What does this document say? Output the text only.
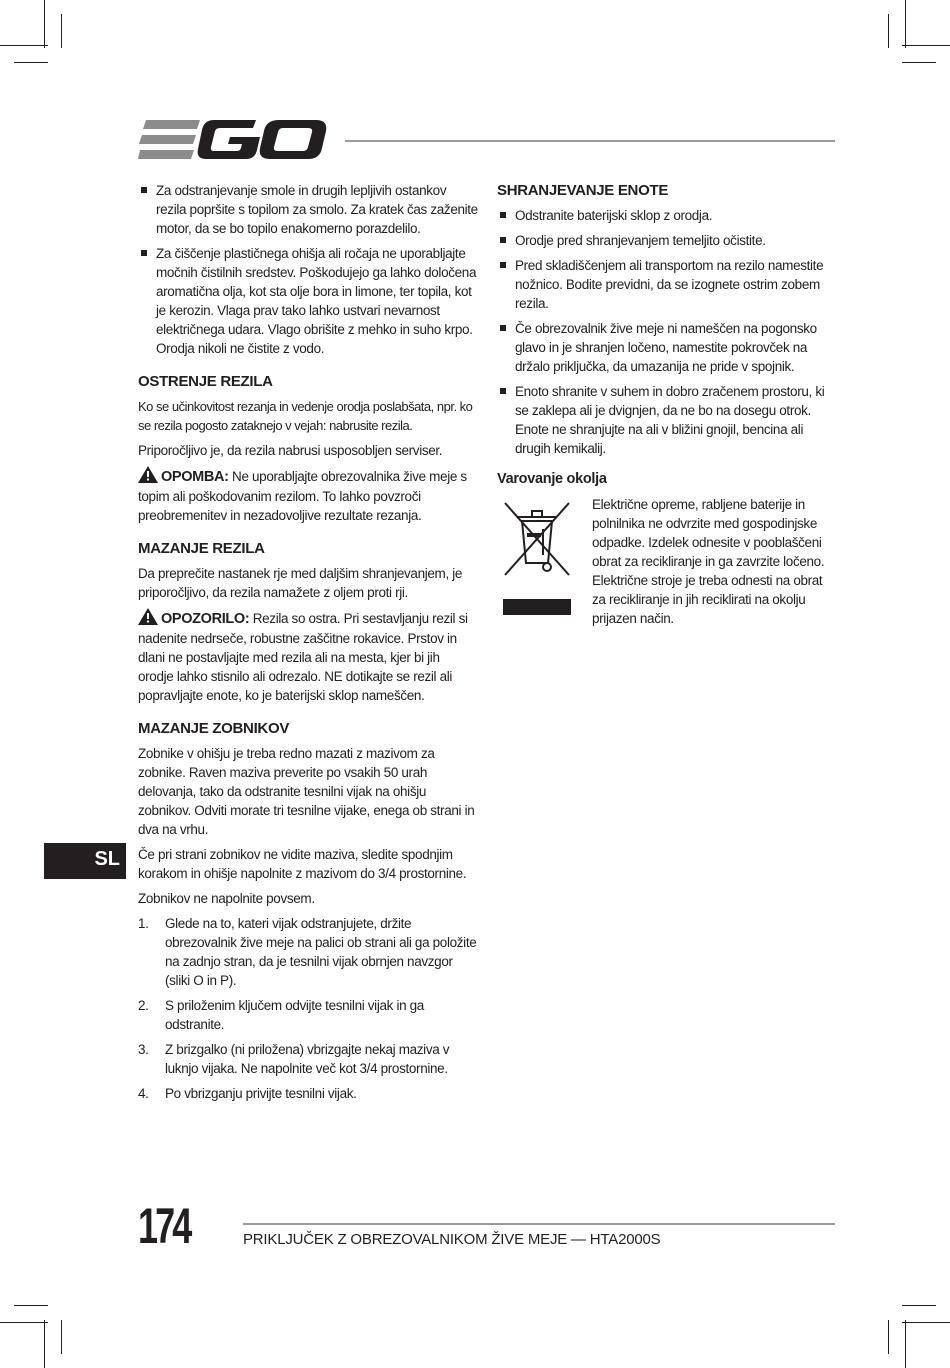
Za odstranjevanje smole in drugih lepljivih ostankov rezila popršite s topilom za smolo. Za kratek čas zaženite motor, da se bo topilo enakomerno porazdelilo.
Za čiščenje plastičnega ohišja ali ročaja ne uporabljajte močnih čistilnih sredstev. Poškodujejo ga lahko določena aromatična olja, kot sta olje bora in limone, ter topila, kot je kerozin. Vlaga prav tako lahko ustvari nevarnost električnega udara. Vlago obrišite z mehko in suho krpo. Orodja nikoli ne čistite z vodo.
OSTRENJE REZILA

Ko se učinkovitost rezanja in vedenje orodja poslabšata, npr. ko se rezila pogosto zataknejo v vejah: nabrusite rezila.

Priporočljivo je, da rezila nabrusi usposobljen serviser.

OPOMBA: Ne uporabljajte obrezovalnika žive meje s topim ali poškodovanim rezilom. To lahko povzroči preobremenitev in nezadovoljive rezultate rezanja.

MAZANJE REZILA

Da preprečite nastanek rje med daljšim shranjevanjem, je priporočljivo, da rezila namažete z oljem proti rji.

OPOZORILO: Rezila so ostra. Pri sestavljanju rezil si nadenite nedrseče, robustne zaščitne rokavice. Prstov in dlani ne postavljajte med rezila ali na mesta, kjer bi jih orodje lahko stisnilo ali odrezalo. NE dotikajte se rezil ali popravljajte enote, ko je baterijski sklop nameščen.

MAZANJE ZOBNIKOV

Zobnike v ohišju je treba redno mazati z mazivom za zobnike. Raven maziva preverite po vsakih 50 urah delovanja, tako da odstranite tesnilni vijak na ohišju zobnikov. Odviti morate tri tesnilne vijake, enega ob strani in dva na vrhu.

Če pri strani zobnikov ne vidite maziva, sledite spodnjim korakom in ohišje napolnite z mazivom do 3/4 prostornine.

Zobnikov ne napolnite povsem.

1. Glede na to, kateri vijak odstranjujete, držite obrezovalnik žive meje na palici ob strani ali ga položite na zadnjo stran, da je tesnilni vijak obrnjen navzgor (sliki O in P).
2. S priloženim ključem odvijte tesnilni vijak in ga odstranite.
3. Z brizgalko (ni priložena) vbrizgajte nekaj maziva v luknjo vijaka. Ne napolnite več kot 3/4 prostornine.
4. Po vbrizganju privijte tesnilni vijak.
SHRANJEVANJE ENOTE
Odstranite baterijski sklop z orodja.
Orodje pred shranjevanjem temeljito očistite.
Pred skladiščenjem ali transportom na rezilo namestite nožnico. Bodite previdni, da se izognete ostrim zobem rezila.
Če obrezovalnik žive meje ni nameščen na pogonsko glavo in je shranjen ločeno, namestite pokrovček na držalo priključka, da umazanija ne pride v spojnik.
Enoto shranite v suhem in dobro zračenem prostoru, ki se zaklepa ali je dvignjen, da ne bo na dosegu otrok. Enote ne shranjujte na ali v bližini gnojil, bencina ali drugih kemikalij.
Varovanje okolja

Električne opreme, rabljene baterije in polnilnika ne odvrzite med gospodinjske odpadke. Izdelek odnesite v pooblaščeni obrat za recikliranje in ga zavrzite ločeno. Električne stroje je treba odnesti na obrat za recikliranje in jih reciklirati na okolju prijazen način.

SL
174	PRIKLJUČEK Z OBREZOVALNIKOM ŽIVE MEJE — HTA2000S
